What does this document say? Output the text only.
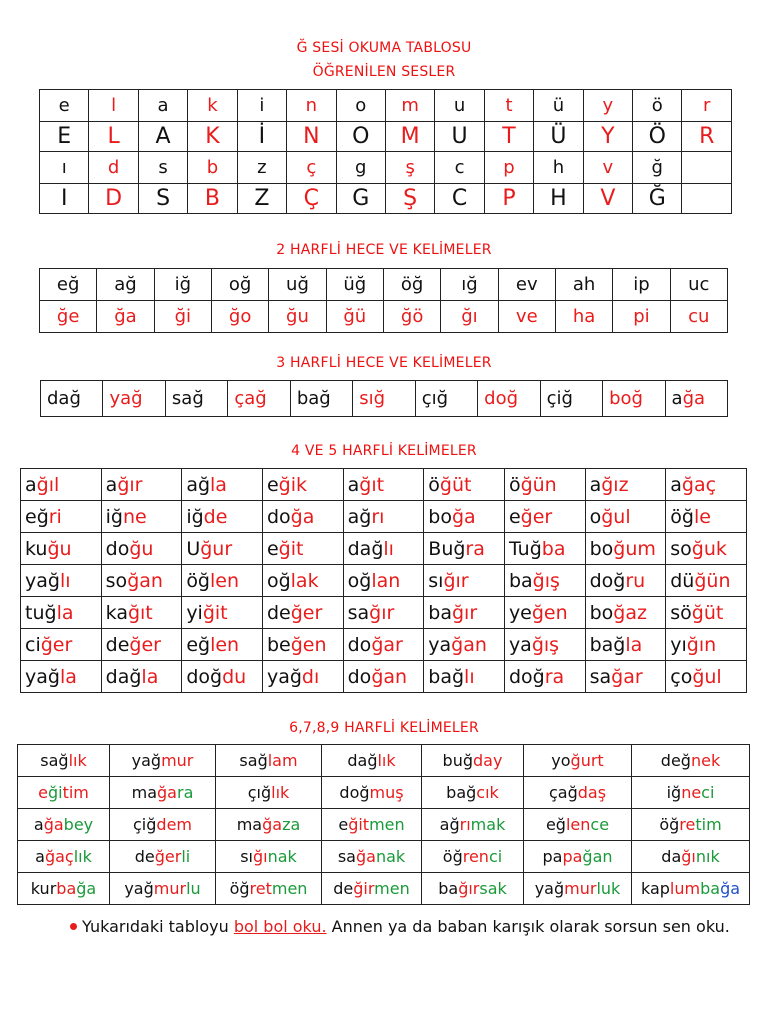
Ğ SESİ OKUMA TABLOSU
ÖĞRENİLEN SESLER
e	l	a	k	i	n	o	m	u	t	ü	y	ö	r
E	L	A	K	İ	N	O	M	U	T	Ü	Y	Ö	R
ı	d	s	b	z	ç	g	ş	c	p	h	v	ğ	
I	D	S	B	Z	Ç	G	Ş	C	P	H	V	Ğ	
2 HARFLİ HECE VE KELİMELER
eğ	ağ	iğ	oğ	uğ	üğ	öğ	ığ	ev	ah	ip	uc
ğe	ğa	ği	ğo	ğu	ğü	ğö	ğı	ve	ha	pi	cu
3 HARFLİ HECE VE KELİMELER
dağ	yağ	sağ	çağ	bağ	sığ	çığ	doğ	çiğ	boğ	ağa
4 VE 5 HARFLİ KELİMELER
ağıl	ağır	ağla	eğik	ağıt	öğüt	öğün	ağız	ağaç
eğri	iğne	iğde	doğa	ağrı	boğa	eğer	oğul	öğle
kuğu	doğu	Uğur	eğit	dağlı	Buğra	Tuğba	boğum	soğuk
yağlı	soğan	öğlen	oğlak	oğlan	sığır	bağış	doğru	düğün
tuğla	kağıt	yiğit	değer	sağır	bağır	yeğen	boğaz	söğüt
ciğer	değer	eğlen	beğen	doğar	yağan	yağış	bağla	yığın
yağla	dağla	doğdu	yağdı	doğan	bağlı	doğra	sağar	çoğul
6,7,8,9 HARFLİ KELİMELER
sağlık	yağmur	sağlam	dağlık	buğday	yoğurt	değnek
eğitim	mağara	çığlık	doğmuş	bağcık	çağdaş	iğneci
ağabey	çiğdem	mağaza	eğitmen	ağrımak	eğlence	öğretim
ağaçlık	değerli	sığınak	sağanak	öğrenci	papağan	dağınık
kurbağa	yağmurlu	öğretmen	değirmen	bağırsak	yağmurluk	kaplumbağa
Yukarıdaki tabloyu bol bol oku. Annen ya da baban karışık olarak sorsun sen oku.
